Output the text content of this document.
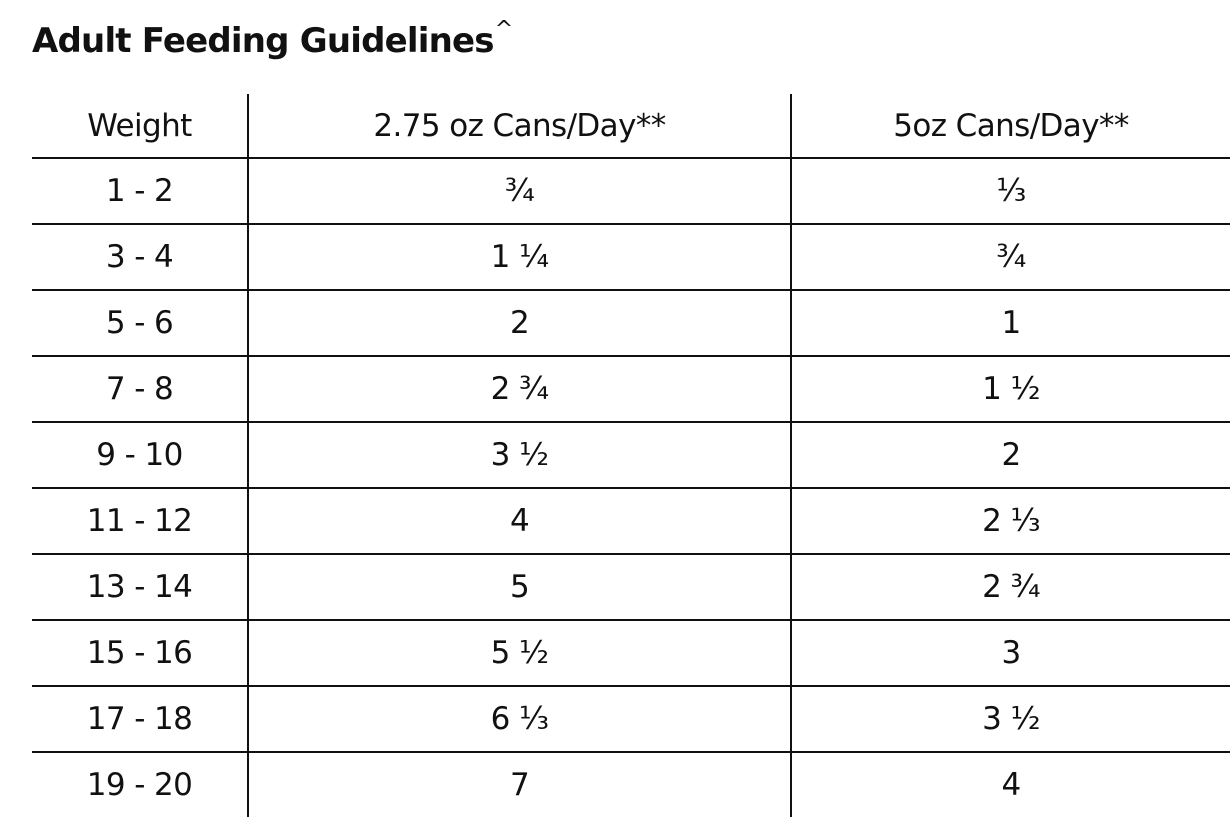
Adult Feeding Guidelines^
Weight	2.75 oz Cans/Day**	5oz Cans/Day**
1 - 2	¾	⅓
3 - 4	1 ¼	¾
5 - 6	2	1
7 - 8	2 ¾	1 ½
9 - 10	3 ½	2
11 - 12	4	2 ⅓
13 - 14	5	2 ¾
15 - 16	5 ½	3
17 - 18	6 ⅓	3 ½
19 - 20	7	4
